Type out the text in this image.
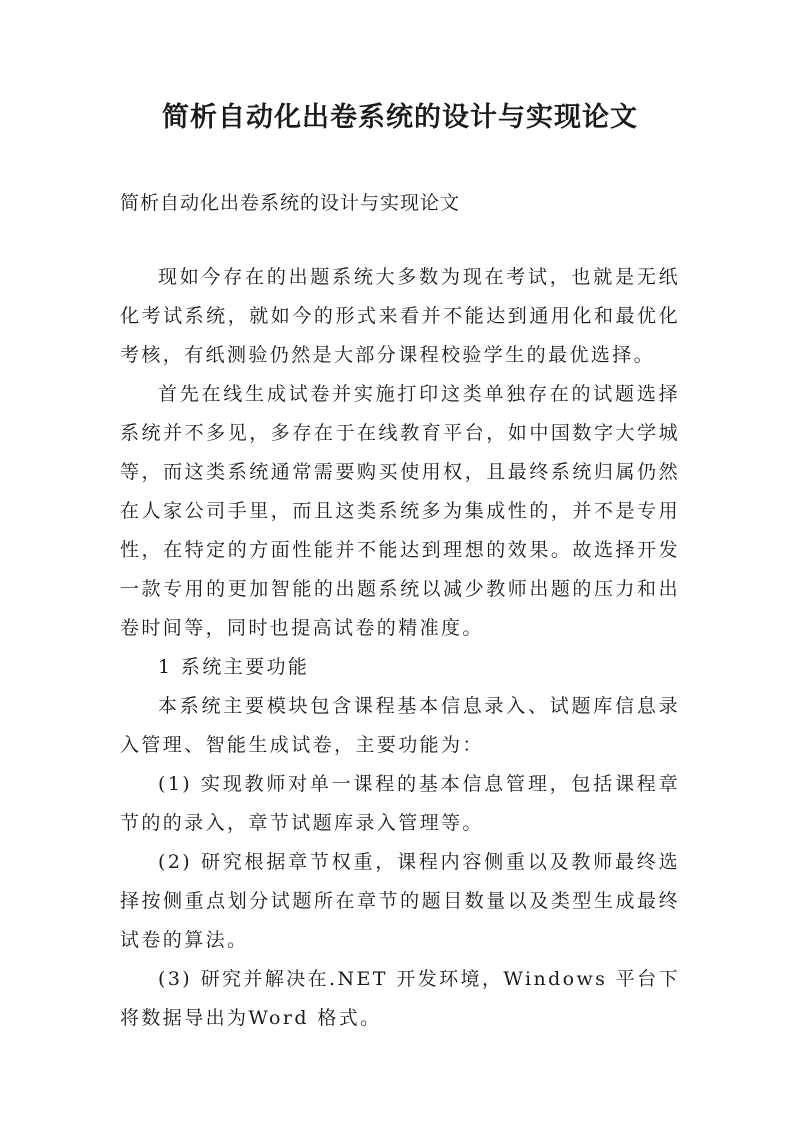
简析自动化出卷系统的设计与实现论文
简析自动化出卷系统的设计与实现论文

现如今存在的出题系统大多数为现在考试，也就是无纸化考试系统，就如今的形式来看并不能达到通用化和最优化考核，有纸测验仍然是大部分课程校验学生的最优选择。

首先在线生成试卷并实施打印这类单独存在的试题选择系统并不多见，多存在于在线教育平台，如中国数字大学城等，而这类系统通常需要购买使用权，且最终系统归属仍然在人家公司手里，而且这类系统多为集成性的，并不是专用性，在特定的方面性能并不能达到理想的效果。故选择开发一款专用的更加智能的出题系统以减少教师出题的压力和出卷时间等，同时也提高试卷的精准度。

1 系统主要功能

本系统主要模块包含课程基本信息录入、试题库信息录入管理、智能生成试卷，主要功能为：

(1) 实现教师对单一课程的基本信息管理，包括课程章节的的录入，章节试题库录入管理等。

(2) 研究根据章节权重，课程内容侧重以及教师最终选择按侧重点划分试题所在章节的题目数量以及类型生成最终试卷的算法。

(3) 研究并解决在.NET 开发环境，Windows 平台下将数据导出为Word 格式。
